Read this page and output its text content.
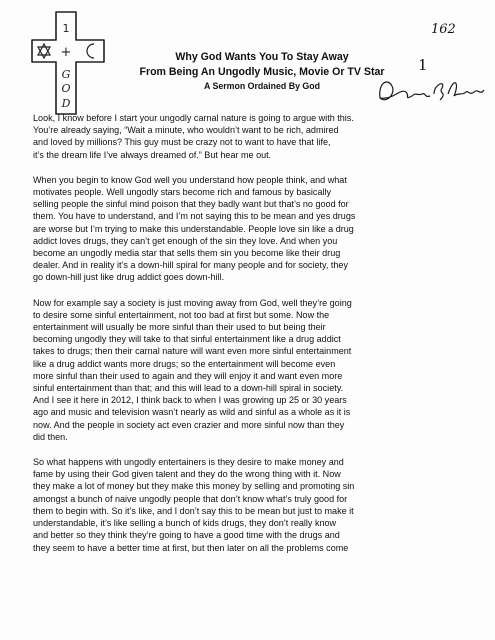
1
+
G
O
D
162
1
Why God Wants You To Stay Away
From Being An Ungodly Music, Movie Or TV Star
A Sermon Ordained By God

Look, I know before I start your ungodly carnal nature is going to argue with this.
You’re already saying, “Wait a minute, who wouldn’t want to be rich, admired
and loved by millions? This guy must be crazy not to want to have that life,
it’s the dream life I’ve always dreamed of.” But hear me out.

When you begin to know God well you understand how people think, and what
motivates people. Well ungodly stars become rich and famous by basically
selling people the sinful mind poison that they badly want but that’s no good for
them. You have to understand, and I’m not saying this to be mean and yes drugs
are worse but I’m trying to make this understandable. People love sin like a drug
addict loves drugs, they can’t get enough of the sin they love. And when you
become an ungodly media star that sells them sin you become like their drug
dealer. And in reality it’s a down-hill spiral for many people and for society, they
go down-hill just like drug addict goes down-hill.

Now for example say a society is just moving away from God, well they’re going
to desire some sinful entertainment, not too bad at first but some. Now the
entertainment will usually be more sinful than their used to but being their
becoming ungodly they will take to that sinful entertainment like a drug addict
takes to drugs; then their carnal nature will want even more sinful entertainment
like a drug addict wants more drugs; so the entertainment will become even
more sinful than their used to again and they will enjoy it and want even more
sinful entertainment than that; and this will lead to a down-hill spiral in society.
And I see it here in 2012, I think back to when I was growing up 25 or 30 years
ago and music and television wasn’t nearly as wild and sinful as a whole as it is
now. And the people in society act even crazier and more sinful now than they
did then.

So what happens with ungodly entertainers is they desire to make money and
fame by using their God given talent and they do the wrong thing with it. Now
they make a lot of money but they make this money by selling and promoting sin
amongst a bunch of naive ungodly people that don’t know what’s truly good for
them to begin with. So it’s like, and I don’t say this to be mean but just to make it
understandable, it’s like selling a bunch of kids drugs, they don’t really know
and better so they think they’re going to have a good time with the drugs and
they seem to have a better time at first, but then later on all the problems come
